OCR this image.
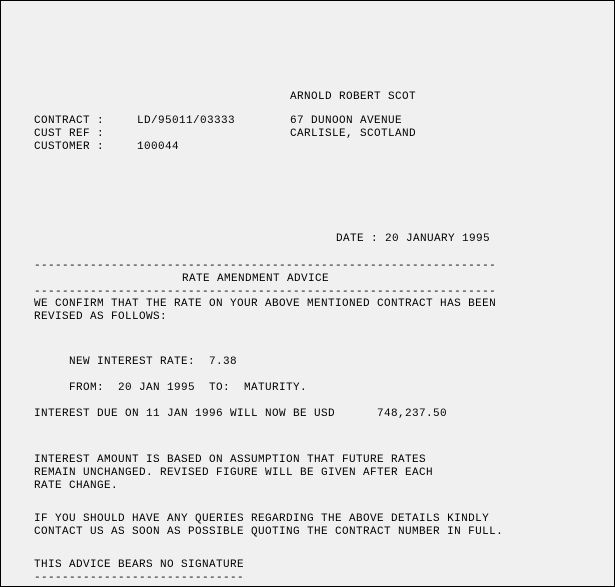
ARNOLD ROBERT SCOT
CONTRACT :	LD/95011/03333
CUST REF :
CUSTOMER :	100044
67 DUNOON AVENUE
CARLISLE, SCOTLAND
DATE : 20 JANUARY 1995
------------------------------------------------------------------
RATE AMENDMENT ADVICE
------------------------------------------------------------------
WE CONFIRM THAT THE RATE ON YOUR ABOVE MENTIONED CONTRACT HAS BEEN
REVISED AS FOLLOWS:
NEW INTEREST RATE:  7.38
FROM:  20 JAN 1995  TO:  MATURITY.
INTEREST DUE ON 11 JAN 1996 WILL NOW BE USD      748,237.50
INTEREST AMOUNT IS BASED ON ASSUMPTION THAT FUTURE RATES
REMAIN UNCHANGED. REVISED FIGURE WILL BE GIVEN AFTER EACH
RATE CHANGE.
IF YOU SHOULD HAVE ANY QUERIES REGARDING THE ABOVE DETAILS KINDLY
CONTACT US AS SOON AS POSSIBLE QUOTING THE CONTRACT NUMBER IN FULL.
THIS ADVICE BEARS NO SIGNATURE
------------------------------
